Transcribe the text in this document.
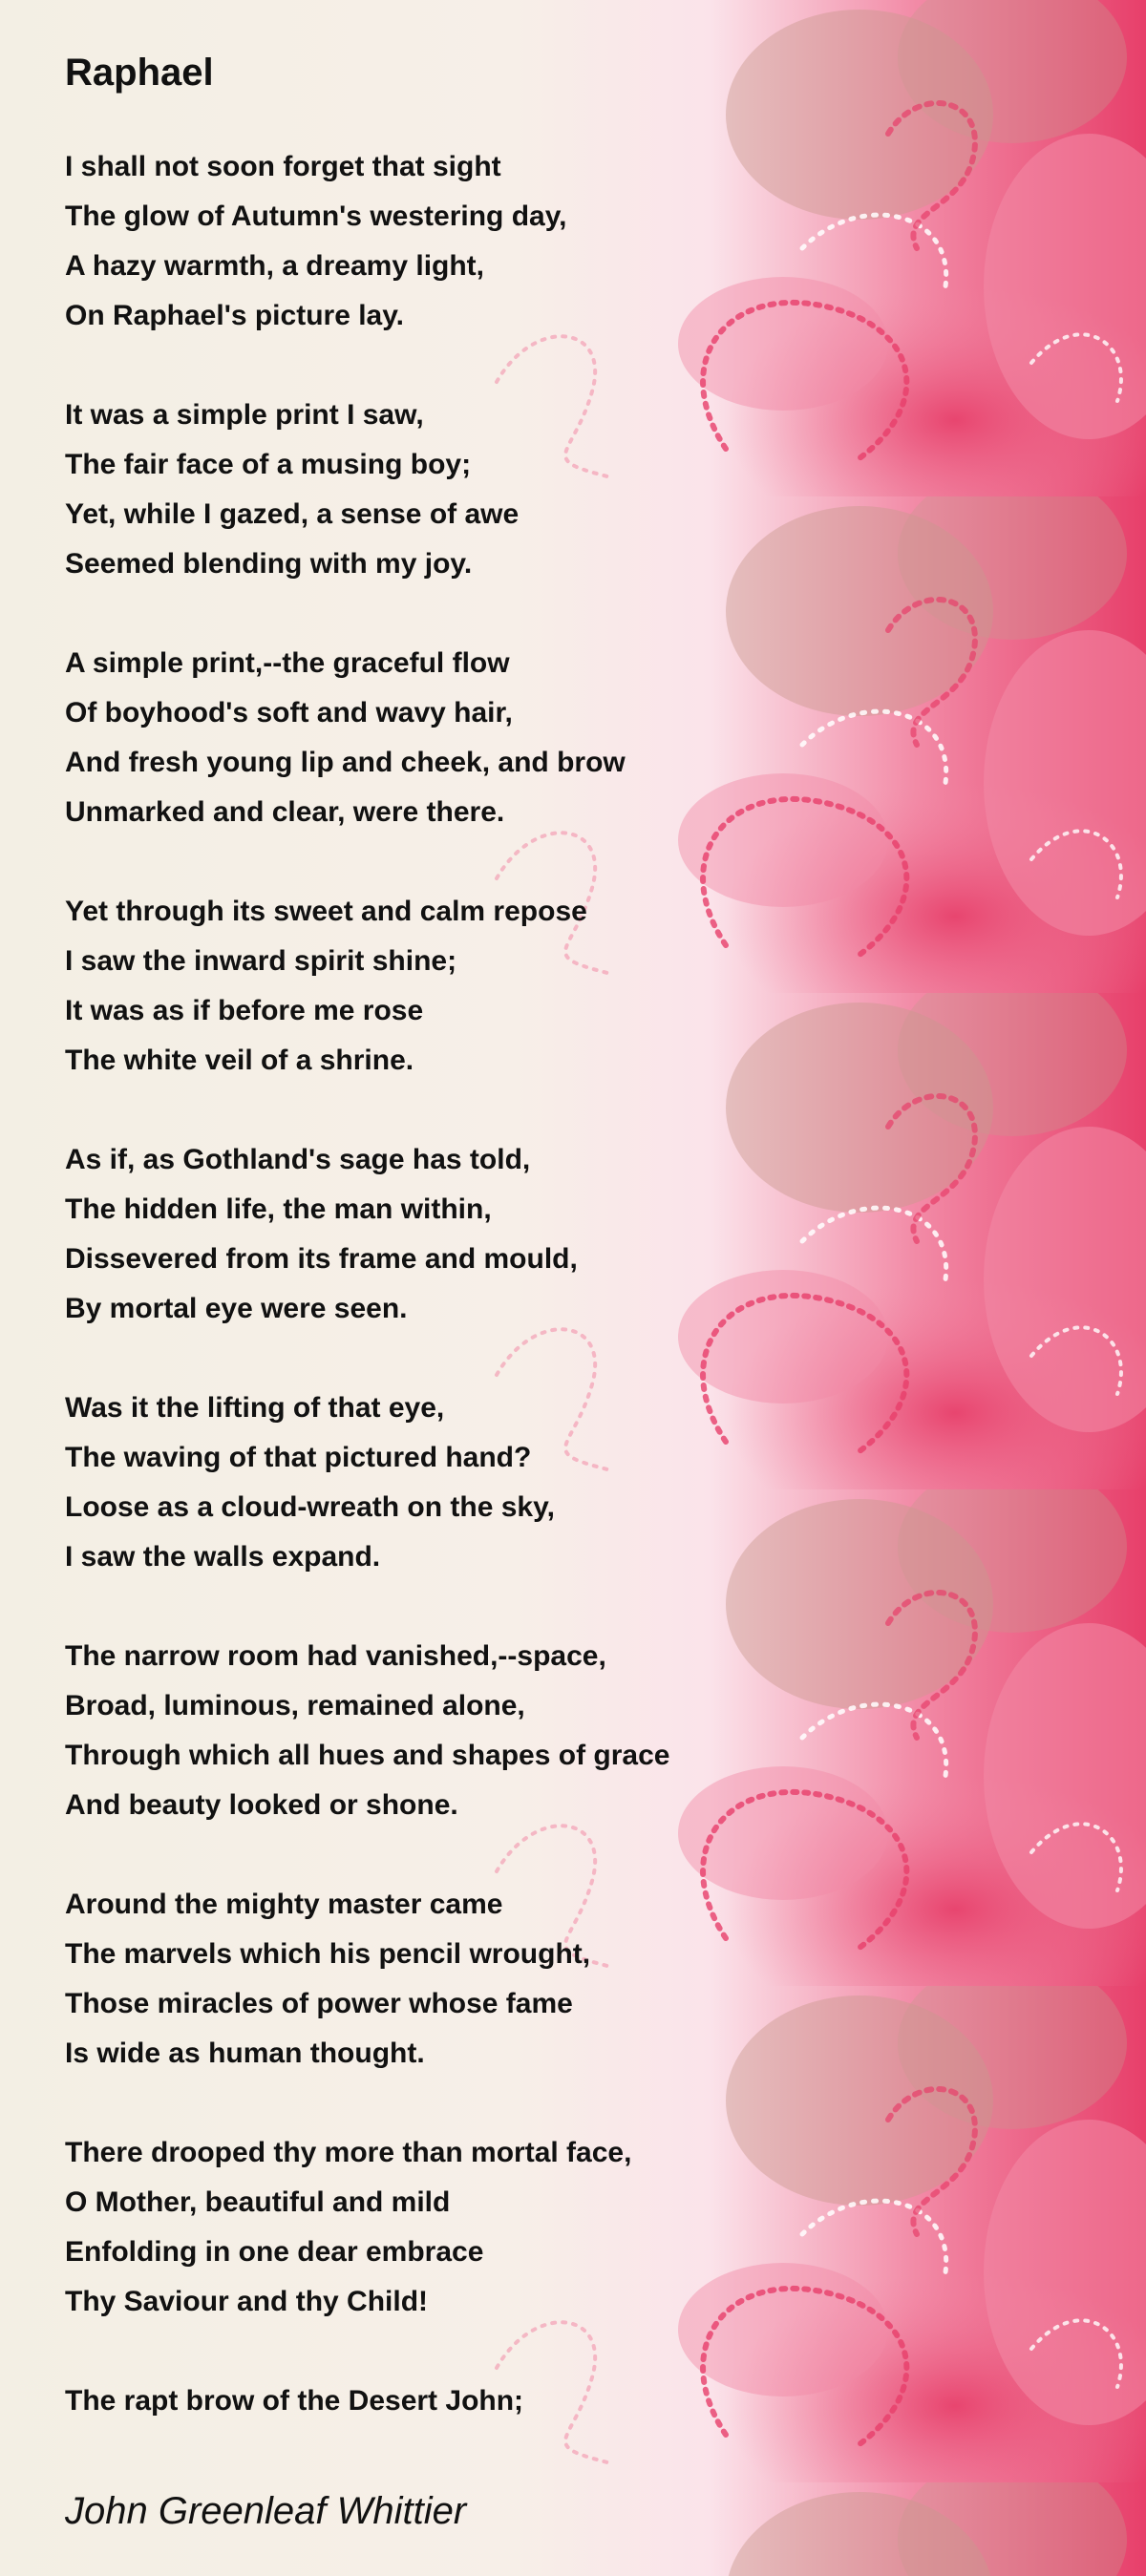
Raphael
I shall not soon forget that sight
The glow of Autumn's westering day,
A hazy warmth, a dreamy light,
On Raphael's picture lay.
It was a simple print I saw,
The fair face of a musing boy;
Yet, while I gazed, a sense of awe
Seemed blending with my joy.
A simple print,--the graceful flow
Of boyhood's soft and wavy hair,
And fresh young lip and cheek, and brow
Unmarked and clear, were there.
Yet through its sweet and calm repose
I saw the inward spirit shine;
It was as if before me rose
The white veil of a shrine.
As if, as Gothland's sage has told,
The hidden life, the man within,
Dissevered from its frame and mould,
By mortal eye were seen.
Was it the lifting of that eye,
The waving of that pictured hand?
Loose as a cloud-wreath on the sky,
I saw the walls expand.
The narrow room had vanished,--space,
Broad, luminous, remained alone,
Through which all hues and shapes of grace
And beauty looked or shone.
Around the mighty master came
The marvels which his pencil wrought,
Those miracles of power whose fame
Is wide as human thought.
There drooped thy more than mortal face,
O Mother, beautiful and mild
Enfolding in one dear embrace
Thy Saviour and thy Child!
The rapt brow of the Desert John;
John Greenleaf Whittier
